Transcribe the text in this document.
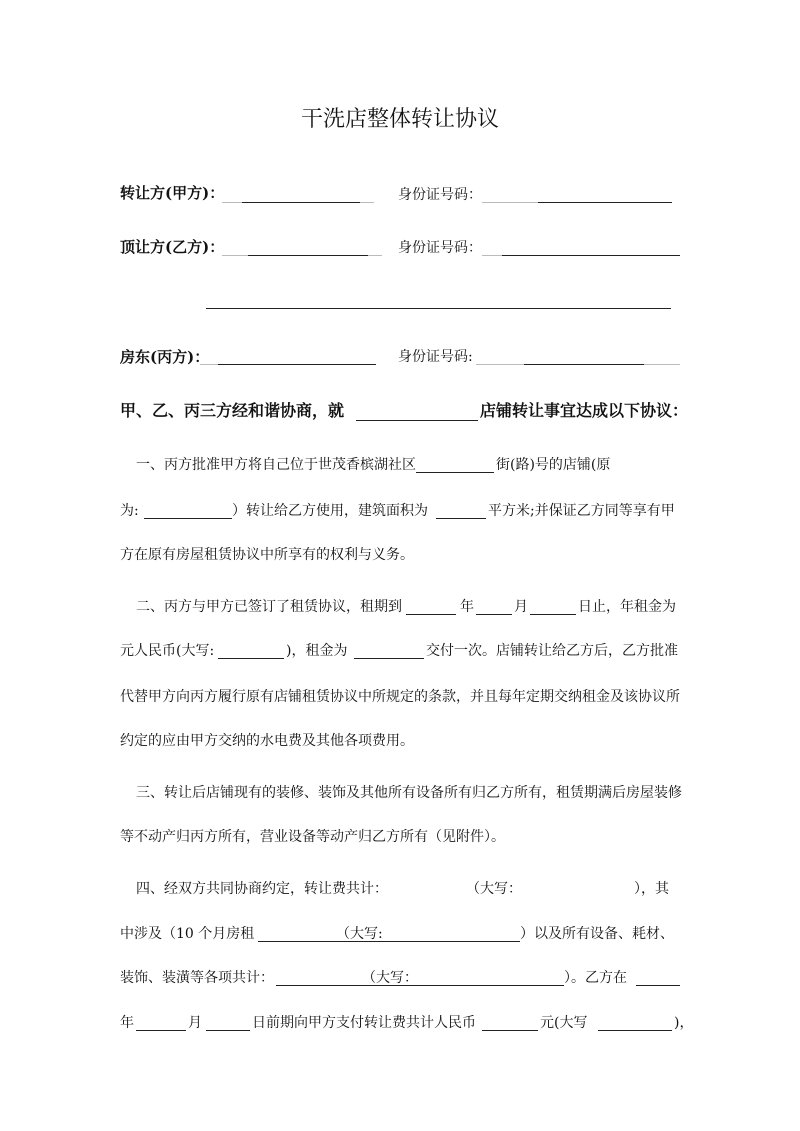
干洗店整体转让协议
转让方(甲方)：	身份证号码：
顶让方(乙方)：	身份证号码：
房东(丙方)：	身份证号码:
甲、乙、丙三方经和谐协商，就	店铺转让事宜达成以下协议：
一、丙方批准甲方将自己位于世茂香槟湖社区	街(路)号的店铺(原
为:	）转让给乙方使用，建筑面积为	平方米;并保证乙方同等享有甲
方在原有房屋租赁协议中所享有的权利与义务。
二、丙方与甲方已签订了租赁协议，租期到	年	月	日止，年租金为
元人民币(大写:	)，租金为	交付一次。店铺转让给乙方后，乙方批准
代替甲方向丙方履行原有店铺租赁协议中所规定的条款，并且每年定期交纳租金及该协议所
约定的应由甲方交纳的水电费及其他各项费用。
三、转让后店铺现有的装修、装饰及其他所有设备所有归乙方所有，租赁期满后房屋装修
等不动产归丙方所有，营业设备等动产归乙方所有（见附件）。
四、经双方共同协商约定，转让费共计：	（大写：	），其
中涉及（10 个月房租	（大写:	）以及所有设备、耗材、
装饰、装潢等各项共计：	（大写：	）。乙方在
年	月	日前期向甲方支付转让费共计人民币	元(大写	)，
